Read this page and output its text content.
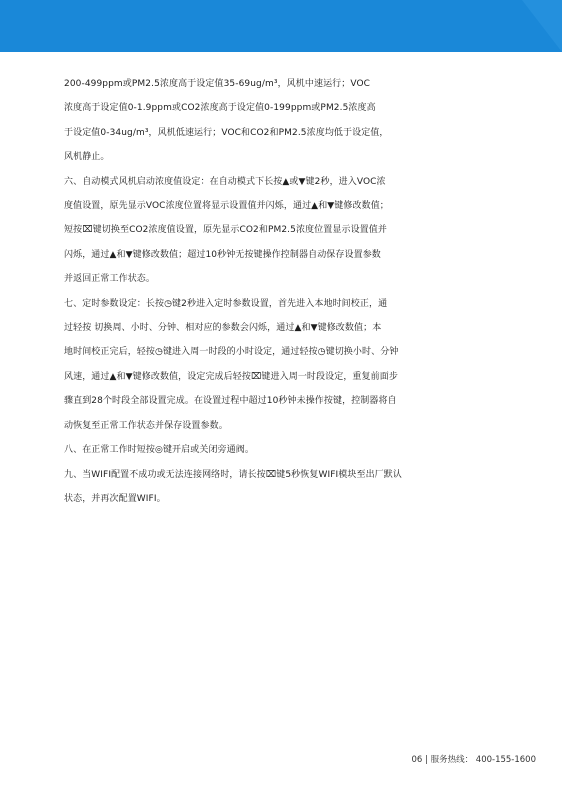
200-499ppm或PM2.5浓度高于设定值35-69ug/m³，风机中速运行；VOC
浓度高于设定值0-1.9ppm或CO2浓度高于设定值0-199ppm或PM2.5浓度高
于设定值0-34ug/m³，风机低速运行；VOC和CO2和PM2.5浓度均低于设定值，
风机静止。
六、自动模式风机启动浓度值设定：在自动模式下长按▲或▼键2秒，进入VOC浓
度值设置，原先显示VOC浓度位置将显示设置值并闪烁，通过▲和▼键修改数值；
短按⌧键切换至CO2浓度值设置，原先显示CO2和PM2.5浓度位置显示设置值并
闪烁，通过▲和▼键修改数值；超过10秒钟无按键操作控制器自动保存设置参数
并返回正常工作状态。
七、定时参数设定：长按◷键2秒进入定时参数设置，首先进入本地时间校正，通
过轻按 切换周、小时、分钟、相对应的参数会闪烁，通过▲和▼键修改数值；本
地时间校正完后，轻按◷键进入周一时段的小时设定，通过轻按◷键切换小时、分钟
风速，通过▲和▼键修改数值，设定完成后轻按⌧键进入周一时段设定，重复前面步
骤直到28个时段全部设置完成。在设置过程中超过10秒钟未操作按键，控制器将自
动恢复至正常工作状态并保存设置参数。
八、在正常工作时短按◎键开启或关闭旁通阀。
九、当WIFI配置不成功或无法连接网络时，请长按⌧键5秒恢复WIFI模块至出厂默认
状态，并再次配置WIFI。
06 | 服务热线： 400-155-1600
